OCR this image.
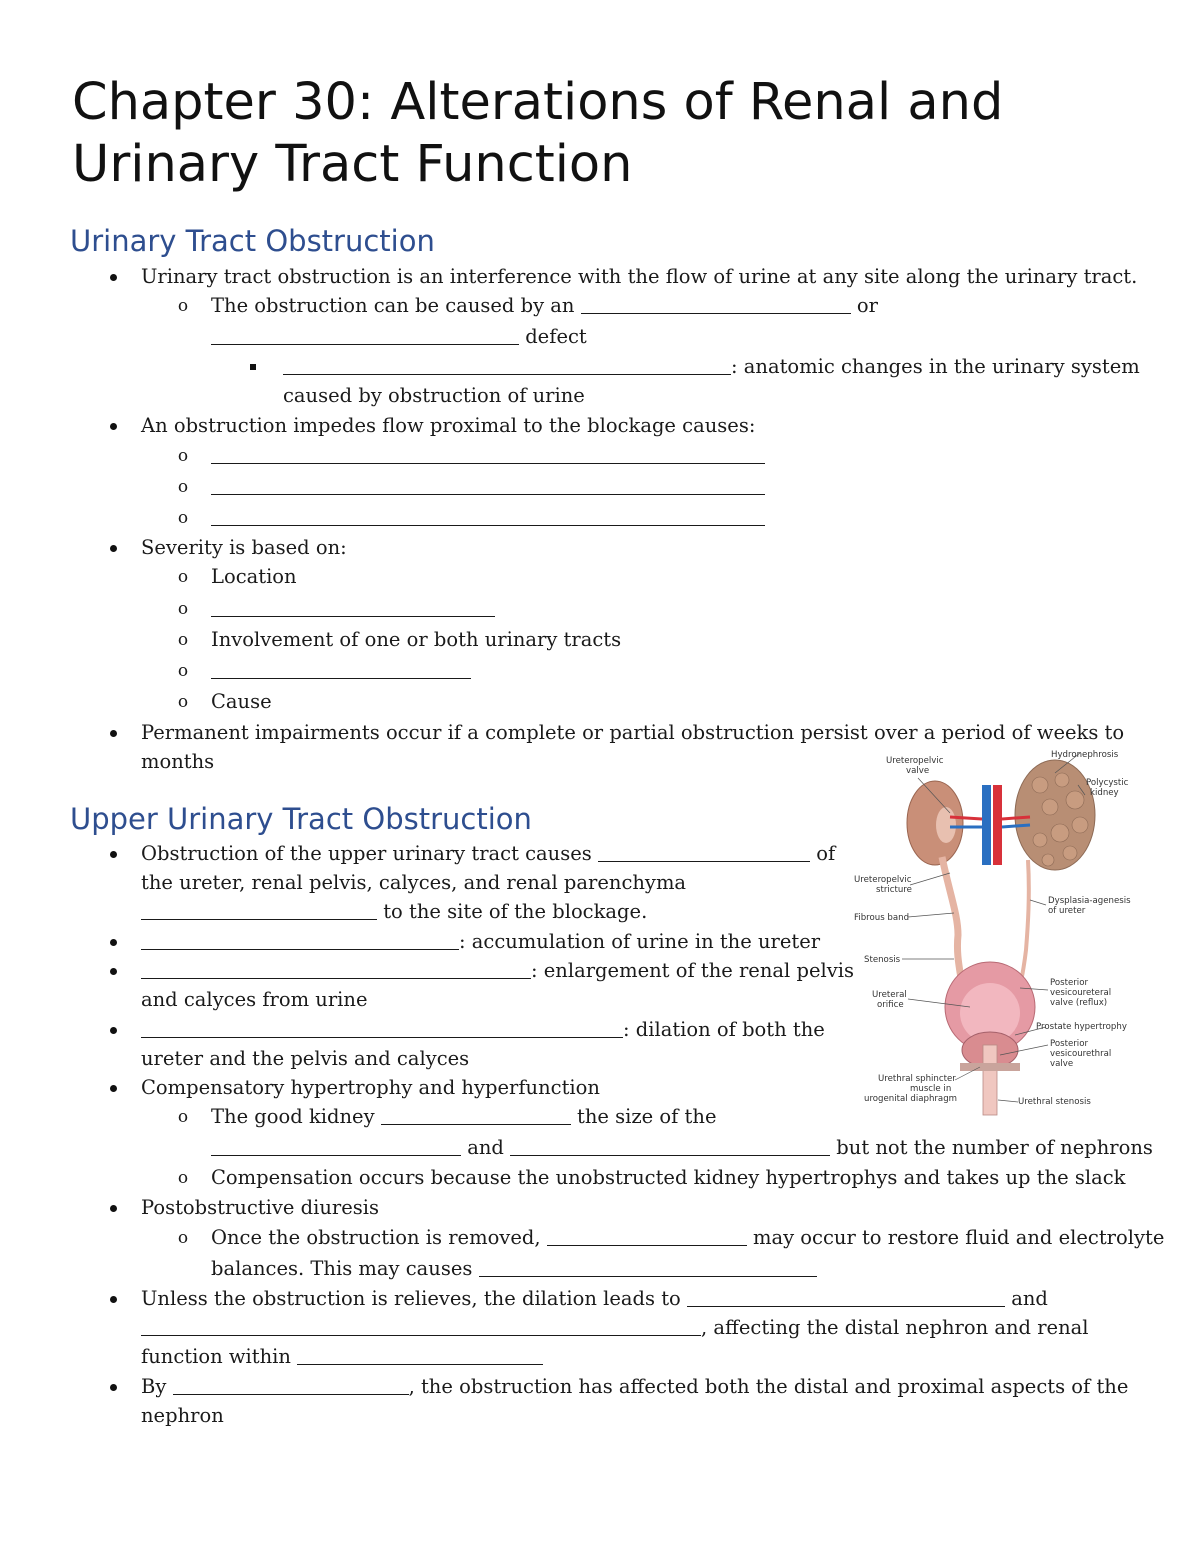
Chapter 30: Alterations of Renal and Urinary Tract Function
Urinary Tract Obstruction

Urinary tract obstruction is an interference with the flow of urine at any site along the urinary tract.

o The obstruction can be caused by an	or

defect

: anatomic changes in the urinary system

caused by obstruction of urine

An obstruction impedes flow proximal to the blockage causes:

o

o

o

Severity is based on:

o Location

o

o Involvement of one or both urinary tracts

o

o Cause

Permanent impairments occur if a complete or partial obstruction persist over a period of weeks to

months

Upper Urinary Tract Obstruction

Obstruction of the upper urinary tract causes	of

the ureter, renal pelvis, calyces, and renal parenchyma

to the site of the blockage.

: accumulation of urine in the ureter

: enlargement of the renal pelvis

and calyces from urine

: dilation of both the

ureter and the pelvis and calyces

Compensatory hypertrophy and hyperfunction

o The good kidney	the size of the

and	but not the number of nephrons

o Compensation occurs because the unobstructed kidney hypertrophys and takes up the slack

Postobstructive diuresis

o Once the obstruction is removed,	may occur to restore fluid and electrolyte

balances. This may causes

Unless the obstruction is relieves, the dilation leads to	and

, affecting the distal nephron and renal

function within

By	, the obstruction has affected both the distal and proximal aspects of the

nephron

Ureteropelvic
valve
Hydronephrosis
Polycystic
kidney
Ureteropelvic
stricture
Fibrous band
Dysplasia-agenesis
of ureter
Stenosis
Ureteral
orifice
Posterior
vesicoureteral
valve (reflux)
Prostate hypertrophy
Posterior
vesicourethral
valve
Urethral sphincter
muscle in
urogenital diaphragm	Urethral stenosis
